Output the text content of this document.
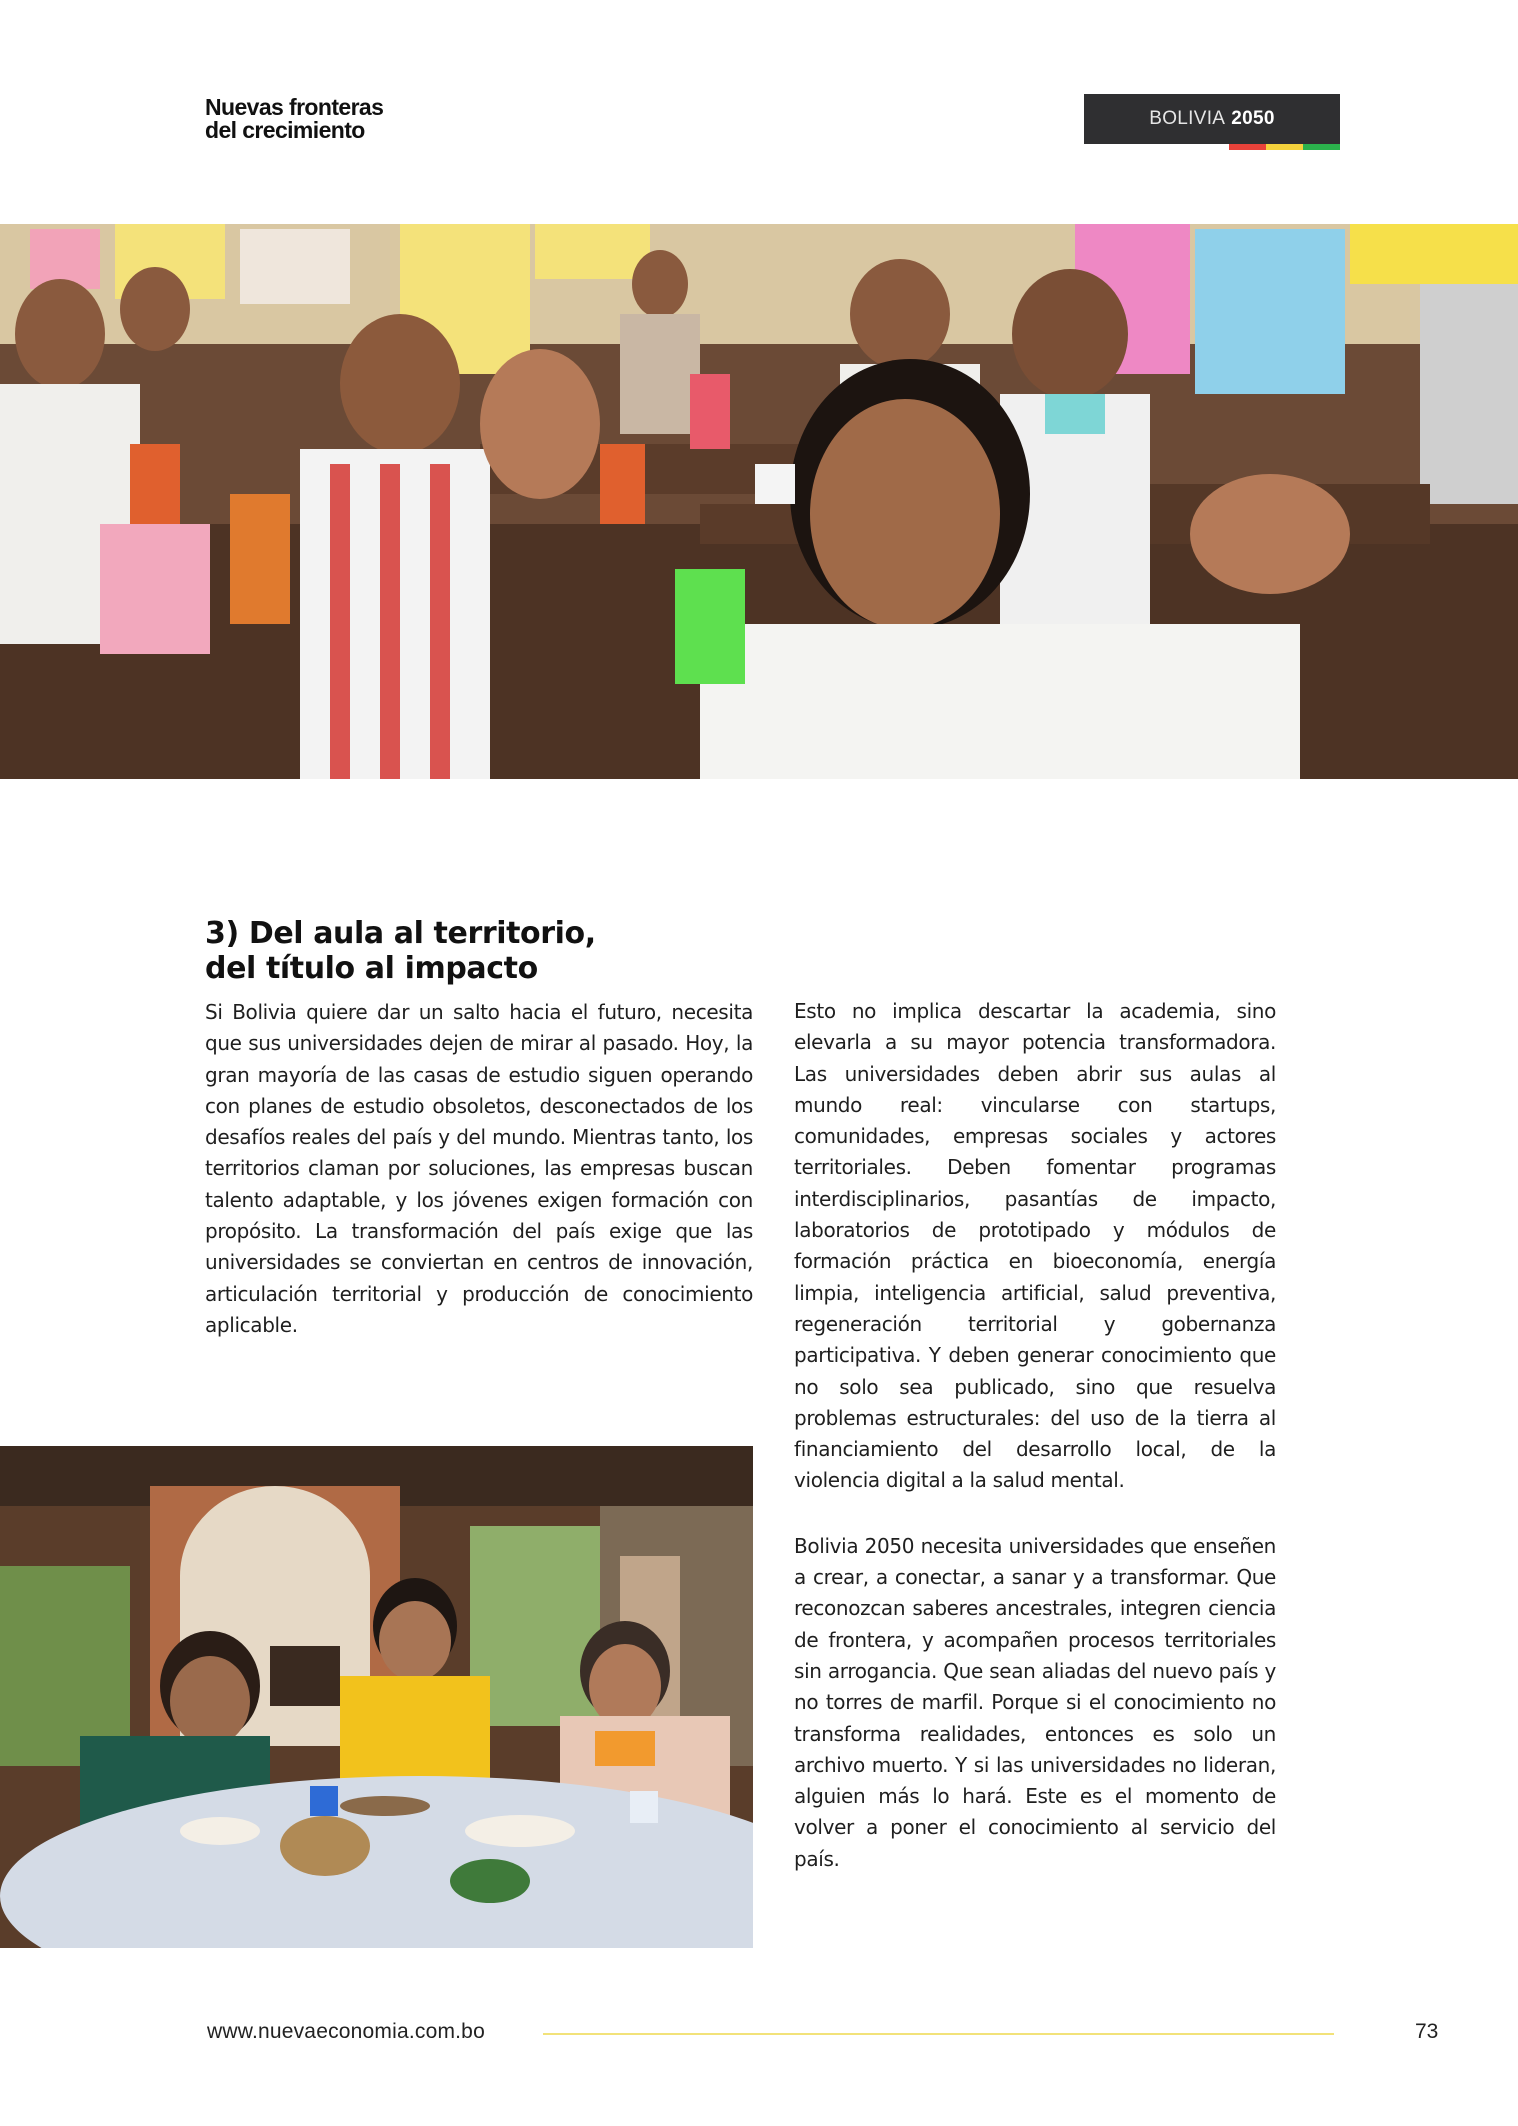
Nuevas fronteras
del crecimiento	BOLIVIA 2050
3) Del aula al territorio,
del título al impacto

Si Bolivia quiere dar un salto hacia el futuro, necesita que sus universidades dejen de mirar al pasado. Hoy, la gran mayoría de las casas de estudio siguen operando con planes de estudio obsoletos, desconectados de los desafíos reales del país y del mundo. Mientras tanto, los territorios claman por soluciones, las empresas buscan talento adaptable, y los jóvenes exigen formación con propósito. La transformación del país exige que las universidades se conviertan en centros de innovación, articulación territorial y producción de conocimiento aplicable.

Esto no implica descartar la academia, sino elevarla a su mayor potencia transformadora. Las universidades deben abrir sus aulas al mundo real: vincularse con startups, comunidades, empresas sociales y actores territoriales. Deben fomentar programas interdisciplinarios, pasantías de impacto, laboratorios de prototipado y módulos de formación práctica en bioeconomía, energía limpia, inteligencia artificial, salud preventiva, regeneración territorial y gobernanza participativa. Y deben generar conocimiento que no solo sea publicado, sino que resuelva problemas estructurales: del uso de la tierra al financiamiento del desarrollo local, de la violencia digital a la salud mental.

Bolivia 2050 necesita universidades que enseñen a crear, a conectar, a sanar y a transformar. Que reconozcan saberes ancestrales, integren ciencia de frontera, y acompañen procesos territoriales sin arrogancia. Que sean aliadas del nuevo país y no torres de marfil. Porque si el conocimiento no transforma realidades, entonces es solo un archivo muerto. Y si las universidades no lideran, alguien más lo hará. Este es el momento de volver a poner el conocimiento al servicio del país.

www.nuevaeconomia.com.bo	73
